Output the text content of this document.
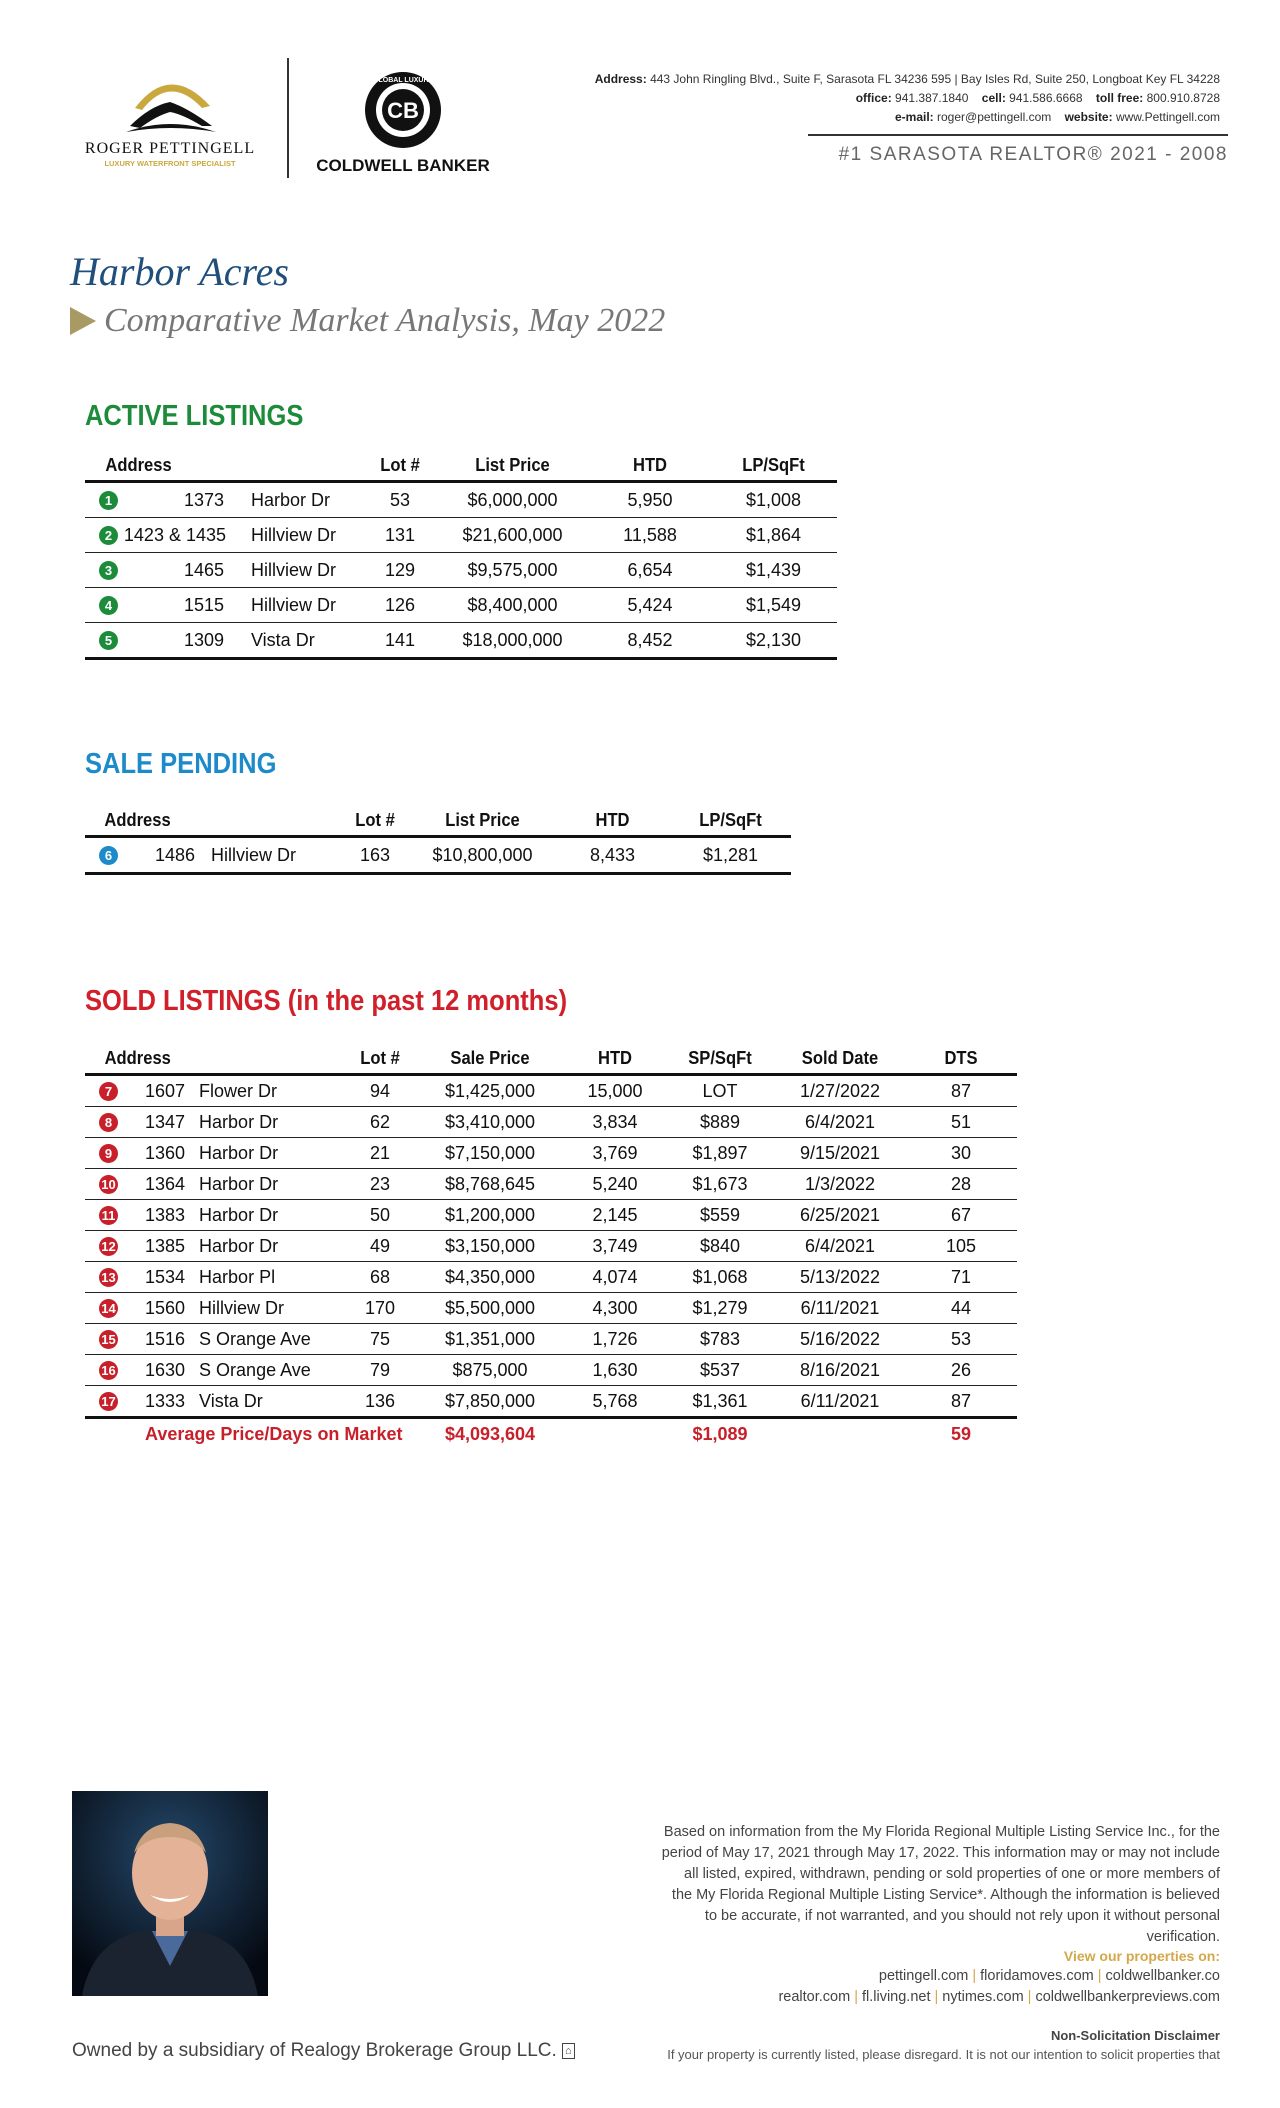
ROGER PETTINGELL
LUXURY WATERFRONT SPECIALIST
CB
GLOBAL LUXURY
COLDWELL BANKER
Address: 443 John Ringling Blvd., Suite F, Sarasota FL 34236 595 | Bay Isles Rd, Suite 250, Longboat Key FL 34228
office: 941.387.1840 cell: 941.586.6668 toll free: 800.910.8728
e-mail: roger@pettingell.com website: www.Pettingell.com
#1 SARASOTA REALTOR® 2021 - 2008
Harbor Acres
Comparative Market Analysis, May 2022
ACTIVE LISTINGS
Address		Lot #	List Price	HTD	LP/SqFt
1 1373	Harbor Dr	53	$6,000,000	5,950	$1,008
2 1423 & 1435	Hillview Dr	131	$21,600,000	11,588	$1,864
3 1465	Hillview Dr	129	$9,575,000	6,654	$1,439
4 1515	Hillview Dr	126	$8,400,000	5,424	$1,549
5 1309	Vista Dr	141	$18,000,000	8,452	$2,130
SALE PENDING
Address		Lot #	List Price	HTD	LP/SqFt
6	1486 Hillview Dr	163	$10,800,000	8,433	$1,281
SOLD LISTINGS (in the past 12 months)
Address		Lot #	Sale Price	HTD	SP/SqFt	Sold Date	DTS
7	1607 Flower Dr	94	$1,425,000	15,000	LOT	1/27/2022	87
8	1347 Harbor Dr	62	$3,410,000	3,834	$889	6/4/2021	51
9	1360 Harbor Dr	21	$7,150,000	3,769	$1,897	9/15/2021	30
10	1364 Harbor Dr	23	$8,768,645	5,240	$1,673	1/3/2022	28
11	1383 Harbor Dr	50	$1,200,000	2,145	$559	6/25/2021	67
12	1385 Harbor Dr	49	$3,150,000	3,749	$840	6/4/2021	105
13	1534 Harbor Pl	68	$4,350,000	4,074	$1,068	5/13/2022	71
14	1560 Hillview Dr	170	$5,500,000	4,300	$1,279	6/11/2021	44
15	1516 S Orange Ave	75	$1,351,000	1,726	$783	5/16/2022	53
16	1630 S Orange Ave	79	$875,000	1,630	$537	8/16/2021	26
17	1333 Vista Dr	136	$7,850,000	5,768	$1,361	6/11/2021	87
Average Price/Days on Market			$4,093,604		$1,089		59
Owned by a subsidiary of Realogy Brokerage Group LLC. ⌂
Based on information from the My Florida Regional Multiple Listing Service Inc., for the period of May 17, 2021 through May 17, 2022. This information may or may not include all listed, expired, withdrawn, pending or sold properties of one or more members of the My Florida Regional Multiple Listing Service*. Although the information is believed to be accurate, if not warranted, and you should not rely upon it without personal verification.
View our properties on:
pettingell.com | floridamoves.com | coldwellbanker.co
realtor.com | fl.living.net | nytimes.com | coldwellbankerpreviews.com
Non-Solicitation Disclaimer
If your property is currently listed, please disregard. It is not our intention to solicit properties that
